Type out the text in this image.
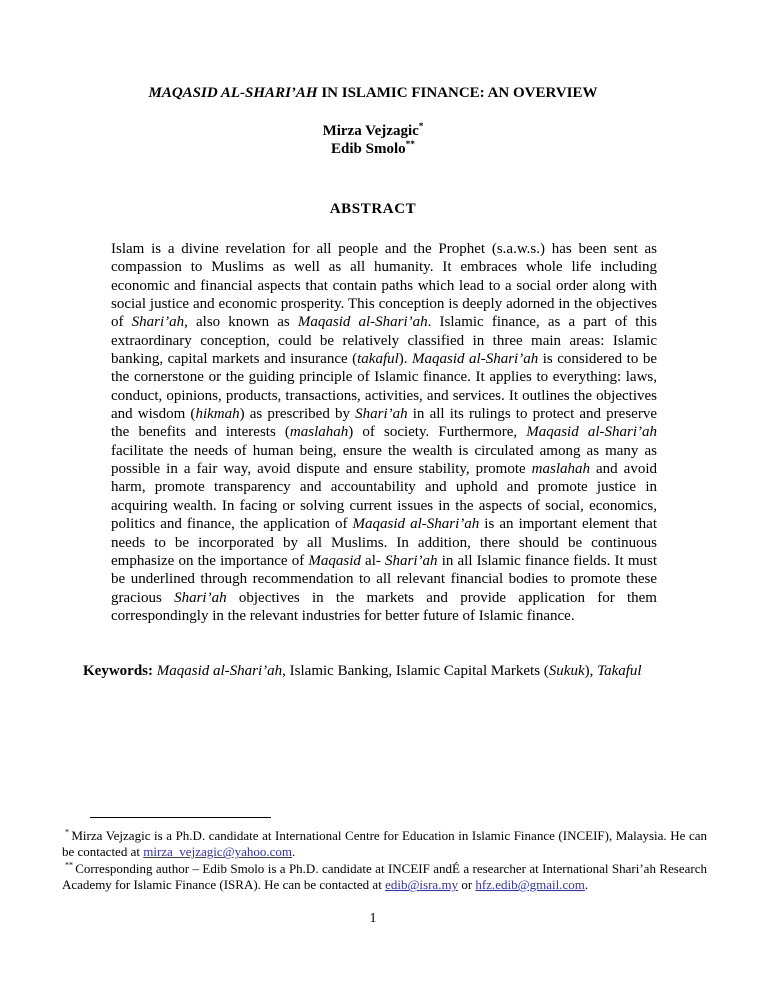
MAQASID AL-SHARI’AH IN ISLAMIC FINANCE: AN OVERVIEW
Mirza Vejzagic*
Edib Smolo**
ABSTRACT
Islam is a divine revelation for all people and the Prophet (s.a.w.s.) has been sent as compassion to Muslims as well as all humanity. It embraces whole life including economic and financial aspects that contain paths which lead to a social order along with social justice and economic prosperity. This conception is deeply adorned in the objectives of Shari’ah, also known as Maqasid al-Shari’ah. Islamic finance, as a part of this extraordinary conception, could be relatively classified in three main areas: Islamic banking, capital markets and insurance (takaful). Maqasid al-Shari’ah is considered to be the cornerstone or the guiding principle of Islamic finance. It applies to everything: laws, conduct, opinions, products, transactions, activities, and services. It outlines the objectives and wisdom (hikmah) as prescribed by Shari’ah in all its rulings to protect and preserve the benefits and interests (maslahah) of society. Furthermore, Maqasid al-Shari’ah facilitate the needs of human being, ensure the wealth is circulated among as many as possible in a fair way, avoid dispute and ensure stability, promote maslahah and avoid harm, promote transparency and accountability and uphold and promote justice in acquiring wealth. In facing or solving current issues in the aspects of social, economics, politics and finance, the application of Maqasid al-Shari’ah is an important element that needs to be incorporated by all Muslims. In addition, there should be continuous emphasize on the importance of Maqasid al- Shari’ah in all Islamic finance fields. It must be underlined through recommendation to all relevant financial bodies to promote these gracious Shari’ah objectives in the markets and provide application for them correspondingly in the relevant industries for better future of Islamic finance.
Keywords: Maqasid al-Shari’ah, Islamic Banking, Islamic Capital Markets (Sukuk), Takaful

* Mirza Vejzagic is a Ph.D. candidate at International Centre for Education in Islamic Finance (INCEIF), Malaysia. He can be contacted at mirza_vejzagic@yahoo.com.

** Corresponding author – Edib Smolo is a Ph.D. candidate at INCEIF andÉ a researcher at International Shari’ah Research Academy for Islamic Finance (ISRA). He can be contacted at edib@isra.my or hfz.edib@gmail.com.

1
